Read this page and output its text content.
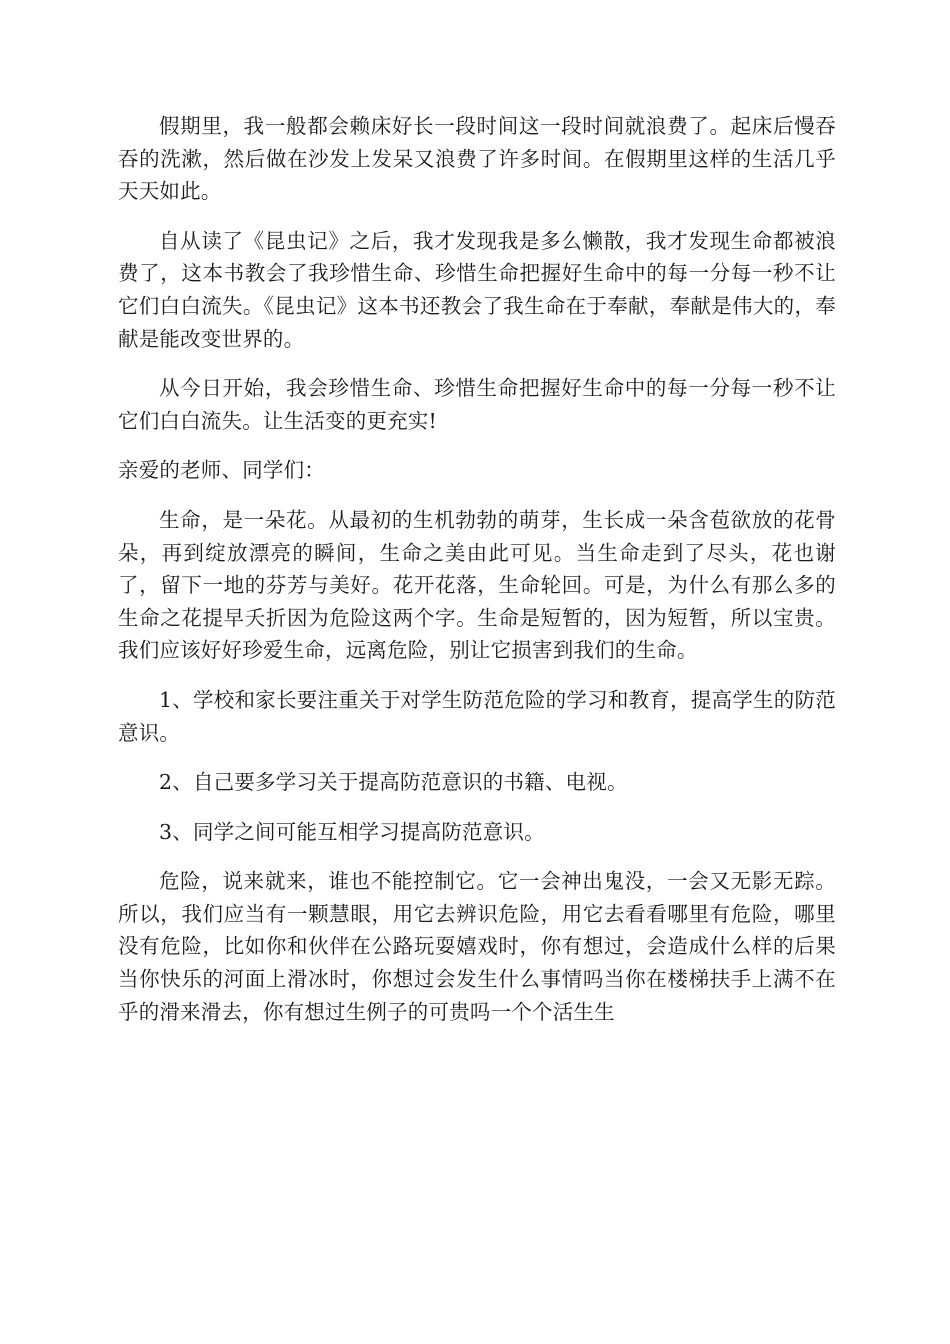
假期里，我一般都会赖床好长一段时间这一段时间就浪费了。起床后慢吞吞的洗漱，然后做在沙发上发呆又浪费了许多时间。在假期里这样的生活几乎天天如此。

自从读了《昆虫记》之后，我才发现我是多么懒散，我才发现生命都被浪费了，这本书教会了我珍惜生命、珍惜生命把握好生命中的每一分每一秒不让它们白白流失。《昆虫记》这本书还教会了我生命在于奉献，奉献是伟大的，奉献是能改变世界的。

从今日开始，我会珍惜生命、珍惜生命把握好生命中的每一分每一秒不让它们白白流失。让生活变的更充实!

亲爱的老师、同学们：

生命，是一朵花。从最初的生机勃勃的萌芽，生长成一朵含苞欲放的花骨朵，再到绽放漂亮的瞬间，生命之美由此可见。当生命走到了尽头，花也谢了，留下一地的芬芳与美好。花开花落，生命轮回。可是，为什么有那么多的生命之花提早夭折因为危险这两个字。生命是短暂的，因为短暂，所以宝贵。我们应该好好珍爱生命，远离危险，别让它损害到我们的生命。

1、学校和家长要注重关于对学生防范危险的学习和教育，提高学生的防范意识。

2、自己要多学习关于提高防范意识的书籍、电视。

3、同学之间可能互相学习提高防范意识。

危险，说来就来，谁也不能控制它。它一会神出鬼没，一会又无影无踪。所以，我们应当有一颗慧眼，用它去辨识危险，用它去看看哪里有危险，哪里没有危险，比如你和伙伴在公路玩耍嬉戏时，你有想过，会造成什么样的后果当你快乐的河面上滑冰时，你想过会发生什么事情吗当你在楼梯扶手上满不在乎的滑来滑去，你有想过生例子的可贵吗一个个活生生
